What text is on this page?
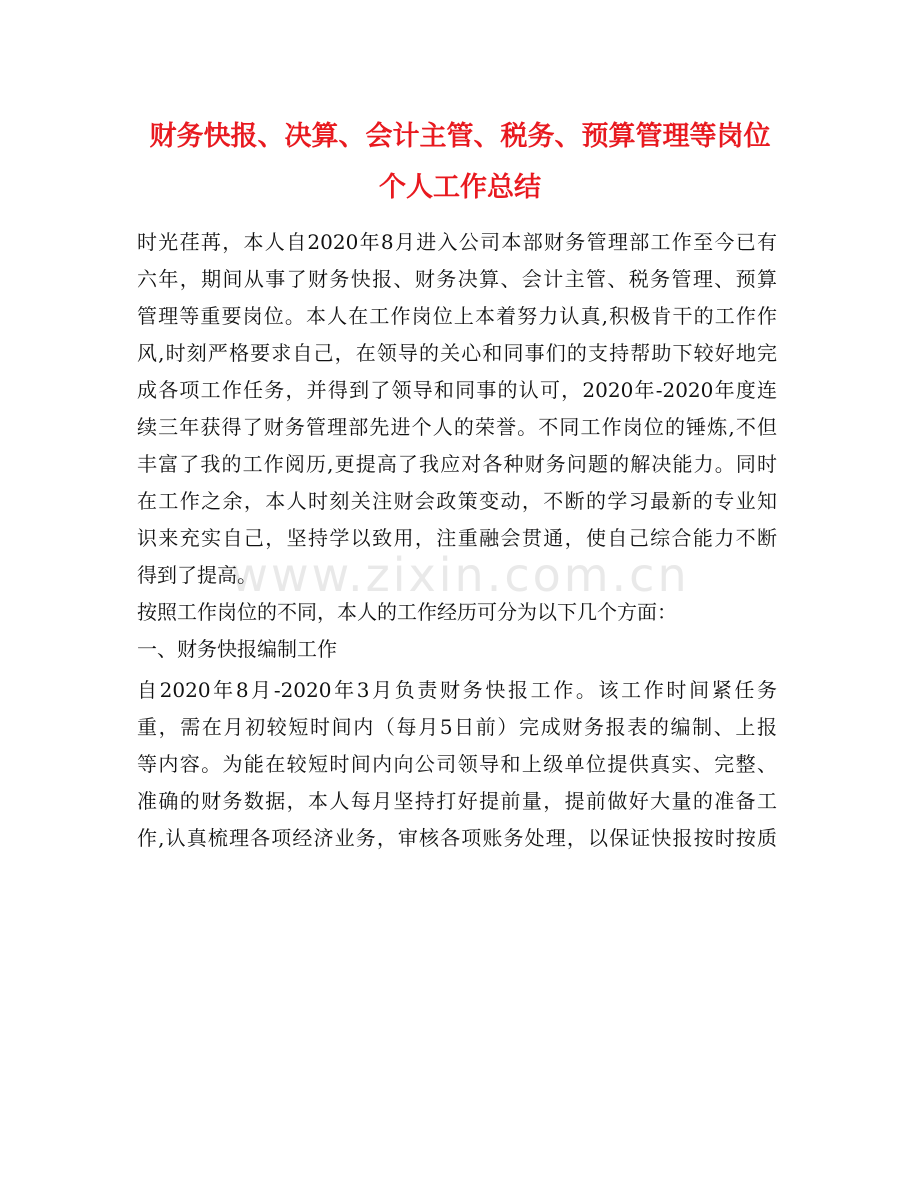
www.zixin.com.cn
财务快报、决算、会计主管、税务、预算管理等岗位
个人工作总结
时光荏苒，本人自2020年8月进入公司本部财务管理部工作至今已有
六年，期间从事了财务快报、财务决算、会计主管、税务管理、预算
管理等重要岗位。本人在工作岗位上本着努力认真,积极肯干的工作作
风,时刻严格要求自己，在领导的关心和同事们的支持帮助下较好地完
成各项工作任务，并得到了领导和同事的认可，2020年-2020年度连
续三年获得了财务管理部先进个人的荣誉。不同工作岗位的锤炼,不但
丰富了我的工作阅历,更提高了我应对各种财务问题的解决能力。同时
在工作之余，本人时刻关注财会政策变动，不断的学习最新的专业知
识来充实自己，坚持学以致用，注重融会贯通，使自己综合能力不断
得到了提高。
按照工作岗位的不同，本人的工作经历可分为以下几个方面：
一、财务快报编制工作
自2020年8月-2020年3月负责财务快报工作。该工作时间紧任务
重，需在月初较短时间内（每月5日前）完成财务报表的编制、上报
等内容。为能在较短时间内向公司领导和上级单位提供真实、完整、
准确的财务数据，本人每月坚持打好提前量，提前做好大量的准备工
作,认真梳理各项经济业务，审核各项账务处理，以保证快报按时按质
